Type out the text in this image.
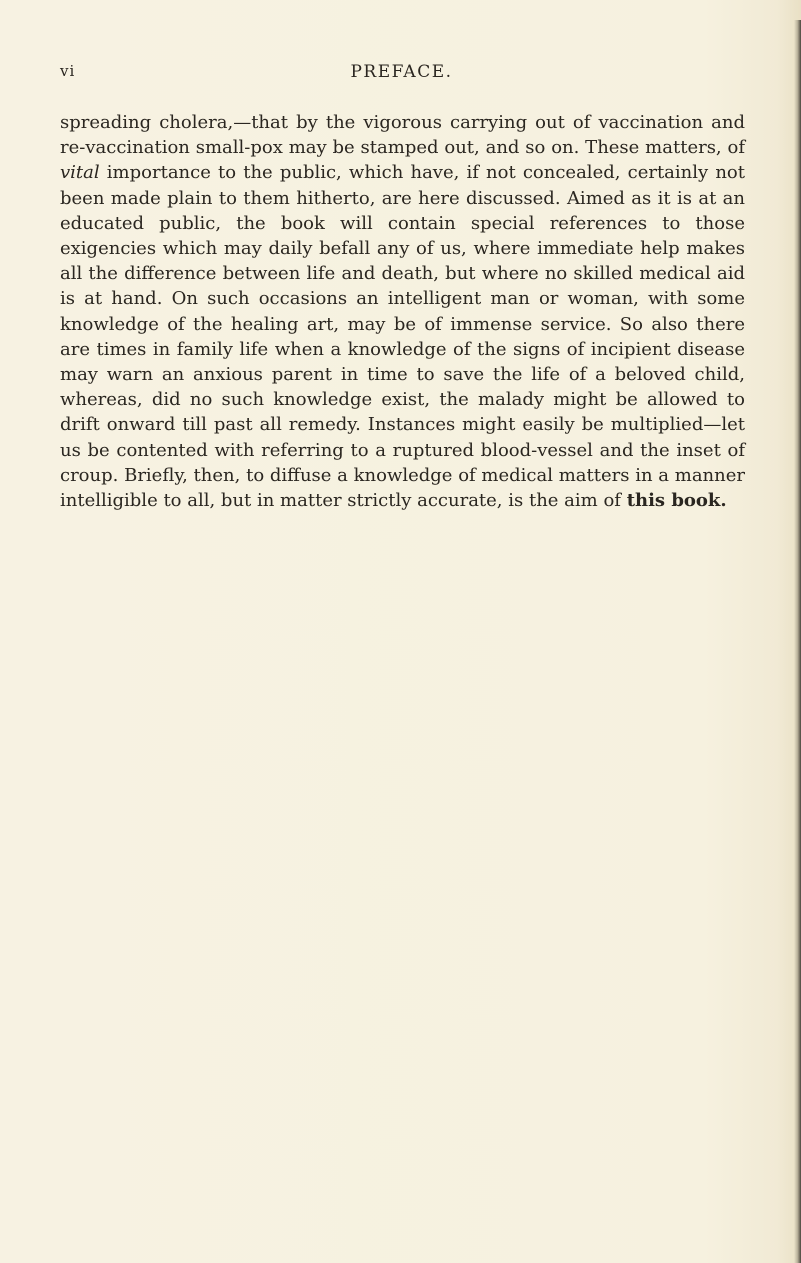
vi	PREFACE.

spreading cholera,—that by the vigorous carrying out of vaccination and re-vaccination small-pox may be stamped out, and so on. These matters, of vital importance to the public, which have, if not concealed, certainly not been made plain to them hitherto, are here discussed. Aimed as it is at an educated public, the book will contain special references to those exigencies which may daily befall any of us, where immediate help makes all the difference between life and death, but where no skilled medical aid is at hand. On such occasions an intelligent man or woman, with some knowledge of the healing art, may be of immense service. So also there are times in family life when a knowledge of the signs of incipient disease may warn an anxious parent in time to save the life of a beloved child, whereas, did no such knowledge exist, the malady might be allowed to drift onward till past all remedy. Instances might easily be multiplied—let us be contented with referring to a ruptured blood-vessel and the inset of croup. Briefly, then, to diffuse a knowledge of medical matters in a manner intelligible to all, but in matter strictly accurate, is the aim of this book.
